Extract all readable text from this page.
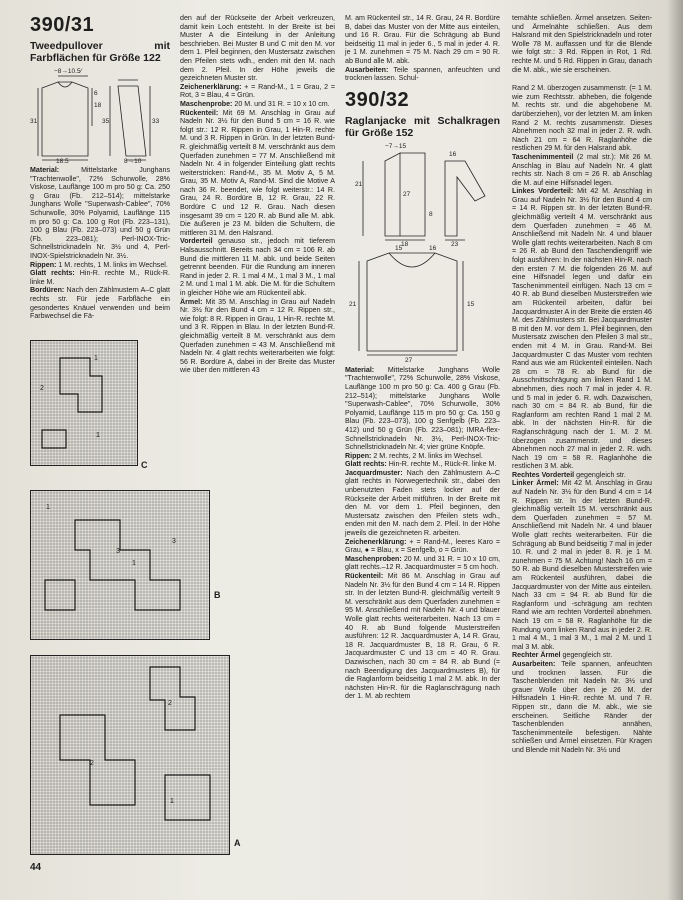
390/31
Tweedpullover mit Farbflächen für Größe 122
−8→10.5⁄
31
18
6
35	33
18.5	8→10

Material: Mittelstarke Junghans "Trachtenwolle", 72% Schurwolle, 28% Viskose, Lauflänge 100 m pro 50 g: Ca. 250 g Grau (Fb. 212–514); mittelstarke Junghans Wolle "Superwash-Cablee", 70% Schurwolle, 30% Polyamid, Lauflänge 115 m pro 50 g: Ca. 100 g Rot (Fb. 223–131), 100 g Blau (Fb. 223–073) und 50 g Grün (Fb. 223–081); Perl-INOX-Tric-Schnellstricknadeln Nr. 3½ und 4, Perl-INOX-Spielstricknadeln Nr. 3½.

Rippen: 1 M. rechts, 1 M. links im Wechsel.

Glatt rechts: Hin-R. rechte M., Rück-R. linke M.

Bordüren: Nach den Zählmustern A–C glatt rechts str. Für jede Farbfläche ein gesondertes Knäuel verwenden und beim Farbwechsel die Fä-

C
B
A
1
2
1
1
1
3
3
2
2
1
44

den auf der Rückseite der Arbeit verkreuzen, damit kein Loch entsteht. In der Breite ist bei Muster A die Einteilung in der Anleitung beschrieben. Bei Muster B und C mit den M. vor dem 1. Pfeil beginnen, den Mustersatz zwischen den Pfeilen stets wdh., enden mit den M. nach dem 2. Pfeil. In der Höhe jeweils die gezeichneten Muster str.

Zeichenerklärung: + = Rand-M., 1 = Grau, 2 = Rot, 3 = Blau, 4 = Grün.

Maschenprobe: 20 M. und 31 R. = 10 x 10 cm.

Rückenteil: Mit 69 M. Anschlag in Grau auf Nadeln Nr. 3½ für den Bund 5 cm = 16 R. wie folgt str.: 12 R. Rippen in Grau, 1 Hin-R. rechte M. und 3 R. Rippen in Grün. In der letzten Bund-R. gleichmäßig verteilt 8 M. verschränkt aus dem Querfaden zunehmen = 77 M. Anschließend mit Nadeln Nr. 4 in folgender Einteilung glatt rechts weiterstricken: Rand-M., 35 M. Motiv A, 5 M. Grau, 35 M. Motiv A, Rand-M. Sind die Motive A nach 36 R. beendet, wie folgt weiterstr.: 14 R. Grau, 24 R. Bordüre B, 12 R. Grau, 22 R. Bordüre C und 12 R. Grau. Nach diesen insgesamt 39 cm = 120 R. ab Bund alle M. abk. Die äußeren je 23 M. bilden die Schultern, die mittleren 31 M. den Halsrand.

Vorderteil genauso str., jedoch mit tieferem Halsausschnitt. Bereits nach 34 cm = 106 R. ab Bund die mittleren 11 M. abk. und beide Seiten getrennt beenden. Für die Rundung am inneren Rand in jeder 2. R. 1 mal 4 M., 1 mal 3 M., 1 mal 2 M. und 1 mal 1 M. abk. Die M. für die Schultern in gleicher Höhe wie am Rückenteil abk.

Ärmel: Mit 35 M. Anschlag in Grau auf Nadeln Nr. 3½ für den Bund 4 cm = 12 R. Rippen str., wie folgt: 8 R. Rippen in Grau, 1 Hin-R. rechte M. und 3 R. Rippen in Blau. In der letzten Bund-R. gleichmäßig verteilt 8 M. verschränkt aus dem Querfaden zunehmen = 43 M. Anschließend mit Nadeln Nr. 4 glatt rechts weiterarbeiten wie folgt: 56 R. Bordüre A, dabei in der Breite das Muster wie über den mittleren 43

M. am Rückenteil str., 14 R. Grau, 24 R. Bordüre B, dabei das Muster von der Mitte aus einteilen, und 16 R. Grau. Für die Schrägung ab Bund beidseitig 11 mal in jeder 6., 5 mal in jeder 4. R. je 1 M. zunehmen = 75 M. Nach 29 cm = 90 R. ab Bund alle M. abk.

Ausarbeiten: Teile spannen, anfeuchten und trocknen lassen. Schul-

390/32
Raglanjacke mit Schalkragen für Größe 152
−7→15
16
21
27
8
18	23
15	16
21
27
15

Material: Mittelstarke Junghans Wolle "Trachtenwolle", 72% Schurwolle, 28% Viskose, Lauflänge 100 m pro 50 g: Ca. 400 g Grau (Fb. 212–514); mittelstarke Junghans Wolle "Superwash-Cablee", 70% Schurwolle, 30% Polyamid, Lauflänge 115 m pro 50 g: Ca. 150 g Blau (Fb. 223–073), 100 g Senfgelb (Fb. 223–412) und 50 g Grün (Fb. 223–081); IMRA-flex-Schnellstricknadeln Nr. 3½, Perl-INOX-Tric-Schnellstricknadeln Nr. 4; vier grüne Knöpfe.

Rippen: 2 M. rechts, 2 M. links im Wechsel.

Glatt rechts: Hin-R. rechte M., Rück-R. linke M.

Jacquardmuster: Nach den Zählmustern A–C glatt rechts in Norwegertechnik str., dabei den unbenutzten Faden stets locker auf der Rückseite der Arbeit mitführen. In der Breite mit den M. vor dem 1. Pfeil beginnen, den Mustersatz zwischen den Pfeilen stets wdh., enden mit den M. nach dem 2. Pfeil. In der Höhe jeweils die gezeichneten R. arbeiten.

Zeichenerklärung: + = Rand-M., leeres Karo = Grau, ● = Blau, x = Senfgelb, o = Grün.

Maschenproben: 20 M. und 31 R. = 10 x 10 cm, glatt rechts.–12 R. Jacquardmuster = 5 cm hoch.

Rückenteil: Mit 86 M. Anschlag in Grau auf Nadeln Nr. 3½ für den Bund 4 cm = 14 R. Rippen str. In der letzten Bund-R. gleichmäßig verteilt 9 M. verschränkt aus dem Querfaden zunehmen = 95 M. Anschließend mit Nadeln Nr. 4 und blauer Wolle glatt rechts weiterarbeiten. Nach 13 cm = 40 R. ab Bund folgende Musterstreifen ausführen: 12 R. Jacquardmuster A, 14 R. Grau, 18 R. Jacquardmuster B, 18 R. Grau, 6 R. Jacquardmuster C und 13 cm = 40 R. Grau. Dazwischen, nach 30 cm = 84 R. ab Bund (= nach Beendigung des Jacquardmusters B), für die Raglanform beidseitig 1 mal 2 M. abk. In der nächsten Hin-R. für die Raglanschrägung nach der 1. M. ab rechtem

temähte schließen. Ärmel ansetzen. Seiten- und Ärmelnähte schließen. Aus dem Halsrand mit den Spielstricknadeln und roter Wolle 78 M. auffassen und für die Blende wie folgt str.: 3 Rd. Rippen in Rot, 1 Rd. rechte M. und 5 Rd. Rippen in Grau, danach die M. abk., wie sie erscheinen.

Rand 2 M. überzogen zusammenstr. (= 1 M. wie zum Rechtsstr. abheben, die folgende M. rechts str. und die abgehobene M. darüberziehen), vor der letzten M. am linken Rand 2 M. rechts zusammenstr. Dieses Abnehmen noch 32 mal in jeder 2. R. wdh. Nach 21 cm = 64 R. Raglanhöhe die restlichen 29 M. für den Halsrand abk.

Taschenimmenteil (2 mal str.): Mit 26 M. Anschlag in Blau auf Nadeln Nr. 4 glatt rechts str. Nach 8 cm = 26 R. ab Anschlag die M. auf eine Hilfsnadel legen.

Linkes Vorderteil: Mit 42 M. Anschlag in Grau auf Nadeln Nr. 3½ für den Bund 4 cm = 14 R. Rippen str. In der letzten Bund-R. gleichmäßig verteilt 4 M. verschränkt aus dem Querfaden zunehmen = 46 M. Anschließend mit Nadeln Nr. 4 und blauer Wolle glatt rechts weiterarbeiten. Nach 8 cm = 26 R. ab Bund den Taschendiengriff wie folgt ausführen: In der nächsten Hin-R. nach den ersten 7 M. die folgenden 26 M. auf eine Hilfsnadel legen und dafür ein Taschenimmenteil einfügen. Nach 13 cm = 40 R. ab Bund dieselben Musterstreifen wie am Rückenteil arbeiten, dafür bei Jacquardmuster A in der Breite die ersten 46 M. des Zählmusters str. Bei Jacquardmuster B mit den M. vor dem 1. Pfeil beginnen, den Mustersatz zwischen den Pfeilen 3 mal str., enden mit 4 M. in Grau. Rand-M. Bei Jacquardmuster C das Muster vom rechten Rand aus wie am Rückenteil einteilen. Nach 28 cm = 78 R. ab Bund für die Ausschnittschrägung am linken Rand 1 M. abnehmen, dies noch 7 mal in jeder 4. R. und 5 mal in jeder 6. R. wdh. Dazwischen, nach 30 cm = 84 R. ab Bund, für die Raglanform am rechten Rand 1 mal 2 M. abk. In der nächsten Hin-R. für die Raglanschrägung nach der 1. M. 2 M. überzogen zusammenstr. und dieses Abnehmen noch 27 mal in jeder 2. R. wdh. Nach 19 cm = 58 R. Raglanhöhe die restlichen 3 M. abk.

Rechtes Vorderteil gegengleich str.

Linker Ärmel: Mit 42 M. Anschlag in Grau auf Nadeln Nr. 3½ für den Bund 4 cm = 14 R. Rippen str. In der letzten Bund-R. gleichmäßig verteilt 15 M. verschränkt aus dem Querfaden zunehmen = 57 M. Anschließend mit Nadeln Nr. 4 und blauer Wolle glatt rechts weiterarbeiten. Für die Schrägung ab Bund beidseitig 7 mal in jeder 10. R. und 2 mal in jeder 8. R. je 1 M. zunehmen = 75 M. Achtung! Nach 16 cm = 50 R. ab Bund dieselben Musterstreifen wie am Rückenteil ausführen, dabei die Jacquardmuster von der Mitte aus einteilen. Nach 33 cm = 94 R. ab Bund für die Raglanform und -schrägung am rechten Rand wie am rechten Vorderteil abnehmen. Nach 19 cm = 58 R. Raglanhöhe für die Rundung vom linken Rand aus in jeder 2. R. 1 mal 4 M., 1 mal 3 M., 1 mal 2 M. und 1 mal 3 M. abk.

Rechter Ärmel gegengleich str.

Ausarbeiten: Teile spannen, anfeuchten und trocknen lassen. Für die Taschenblenden mit Nadeln Nr. 3½ und grauer Wolle über den je 26 M. der Hilfsnadeln 1 Hin-R. rechte M. und 7 R. Rippen str., dann die M. abk., wie sie erscheinen. Seitliche Ränder der Taschenblenden annähen, Taschenimmenteile befestigen. Nähte schließen und Ärmel einsetzen. Für Kragen und Blende mit Nadeln Nr. 3½ und
